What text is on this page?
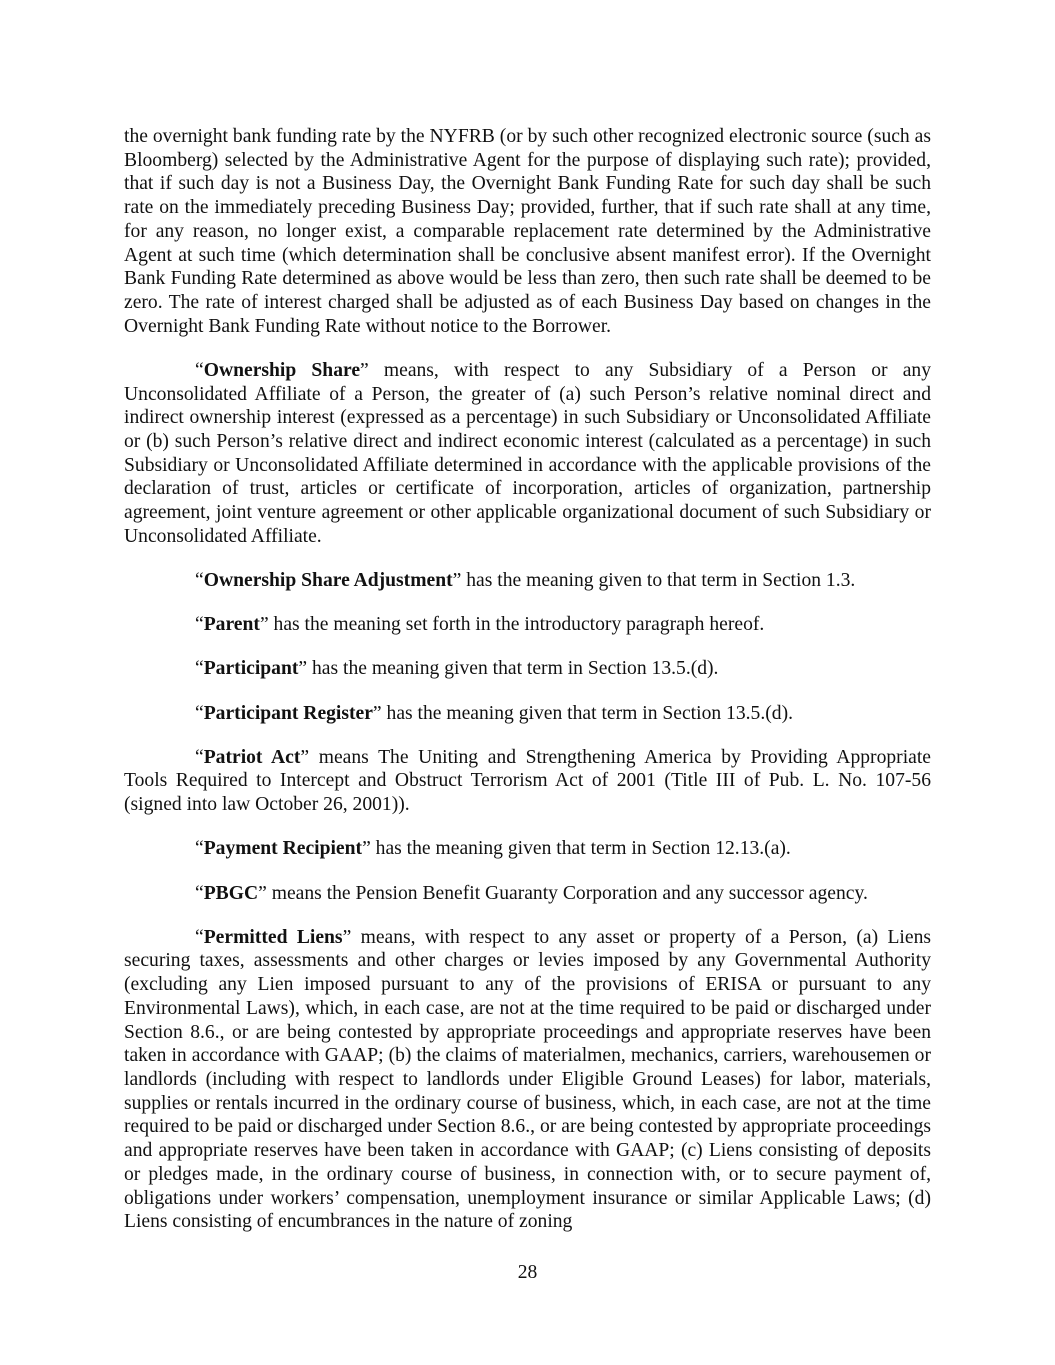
the overnight bank funding rate by the NYFRB (or by such other recognized electronic source (such as Bloomberg) selected by the Administrative Agent for the purpose of displaying such rate); provided, that if such day is not a Business Day, the Overnight Bank Funding Rate for such day shall be such rate on the immediately preceding Business Day; provided, further, that if such rate shall at any time, for any reason, no longer exist, a comparable replacement rate determined by the Administrative Agent at such time (which determination shall be conclusive absent manifest error). If the Overnight Bank Funding Rate determined as above would be less than zero, then such rate shall be deemed to be zero. The rate of interest charged shall be adjusted as of each Business Day based on changes in the Overnight Bank Funding Rate without notice to the Borrower.

“Ownership Share” means, with respect to any Subsidiary of a Person or any Unconsolidated Affiliate of a Person, the greater of (a) such Person’s relative nominal direct and indirect ownership interest (expressed as a percentage) in such Subsidiary or Unconsolidated Affiliate or (b) such Person’s relative direct and indirect economic interest (calculated as a percentage) in such Subsidiary or Unconsolidated Affiliate determined in accordance with the applicable provisions of the declaration of trust, articles or certificate of incorporation, articles of organization, partnership agreement, joint venture agreement or other applicable organizational document of such Subsidiary or Unconsolidated Affiliate.

“Ownership Share Adjustment” has the meaning given to that term in Section 1.3.

“Parent” has the meaning set forth in the introductory paragraph hereof.

“Participant” has the meaning given that term in Section 13.5.(d).

“Participant Register” has the meaning given that term in Section 13.5.(d).

“Patriot Act” means The Uniting and Strengthening America by Providing Appropriate Tools Required to Intercept and Obstruct Terrorism Act of 2001 (Title III of Pub. L. No. 107-56 (signed into law October 26, 2001)).

“Payment Recipient” has the meaning given that term in Section 12.13.(a).

“PBGC” means the Pension Benefit Guaranty Corporation and any successor agency.

“Permitted Liens” means, with respect to any asset or property of a Person, (a) Liens securing taxes, assessments and other charges or levies imposed by any Governmental Authority (excluding any Lien imposed pursuant to any of the provisions of ERISA or pursuant to any Environmental Laws), which, in each case, are not at the time required to be paid or discharged under Section 8.6., or are being contested by appropriate proceedings and appropriate reserves have been taken in accordance with GAAP; (b) the claims of materialmen, mechanics, carriers, warehousemen or landlords (including with respect to landlords under Eligible Ground Leases) for labor, materials, supplies or rentals incurred in the ordinary course of business, which, in each case, are not at the time required to be paid or discharged under Section 8.6., or are being contested by appropriate proceedings and appropriate reserves have been taken in accordance with GAAP; (c) Liens consisting of deposits or pledges made, in the ordinary course of business, in connection with, or to secure payment of, obligations under workers’ compensation, unemployment insurance or similar Applicable Laws; (d) Liens consisting of encumbrances in the nature of zoning

28
